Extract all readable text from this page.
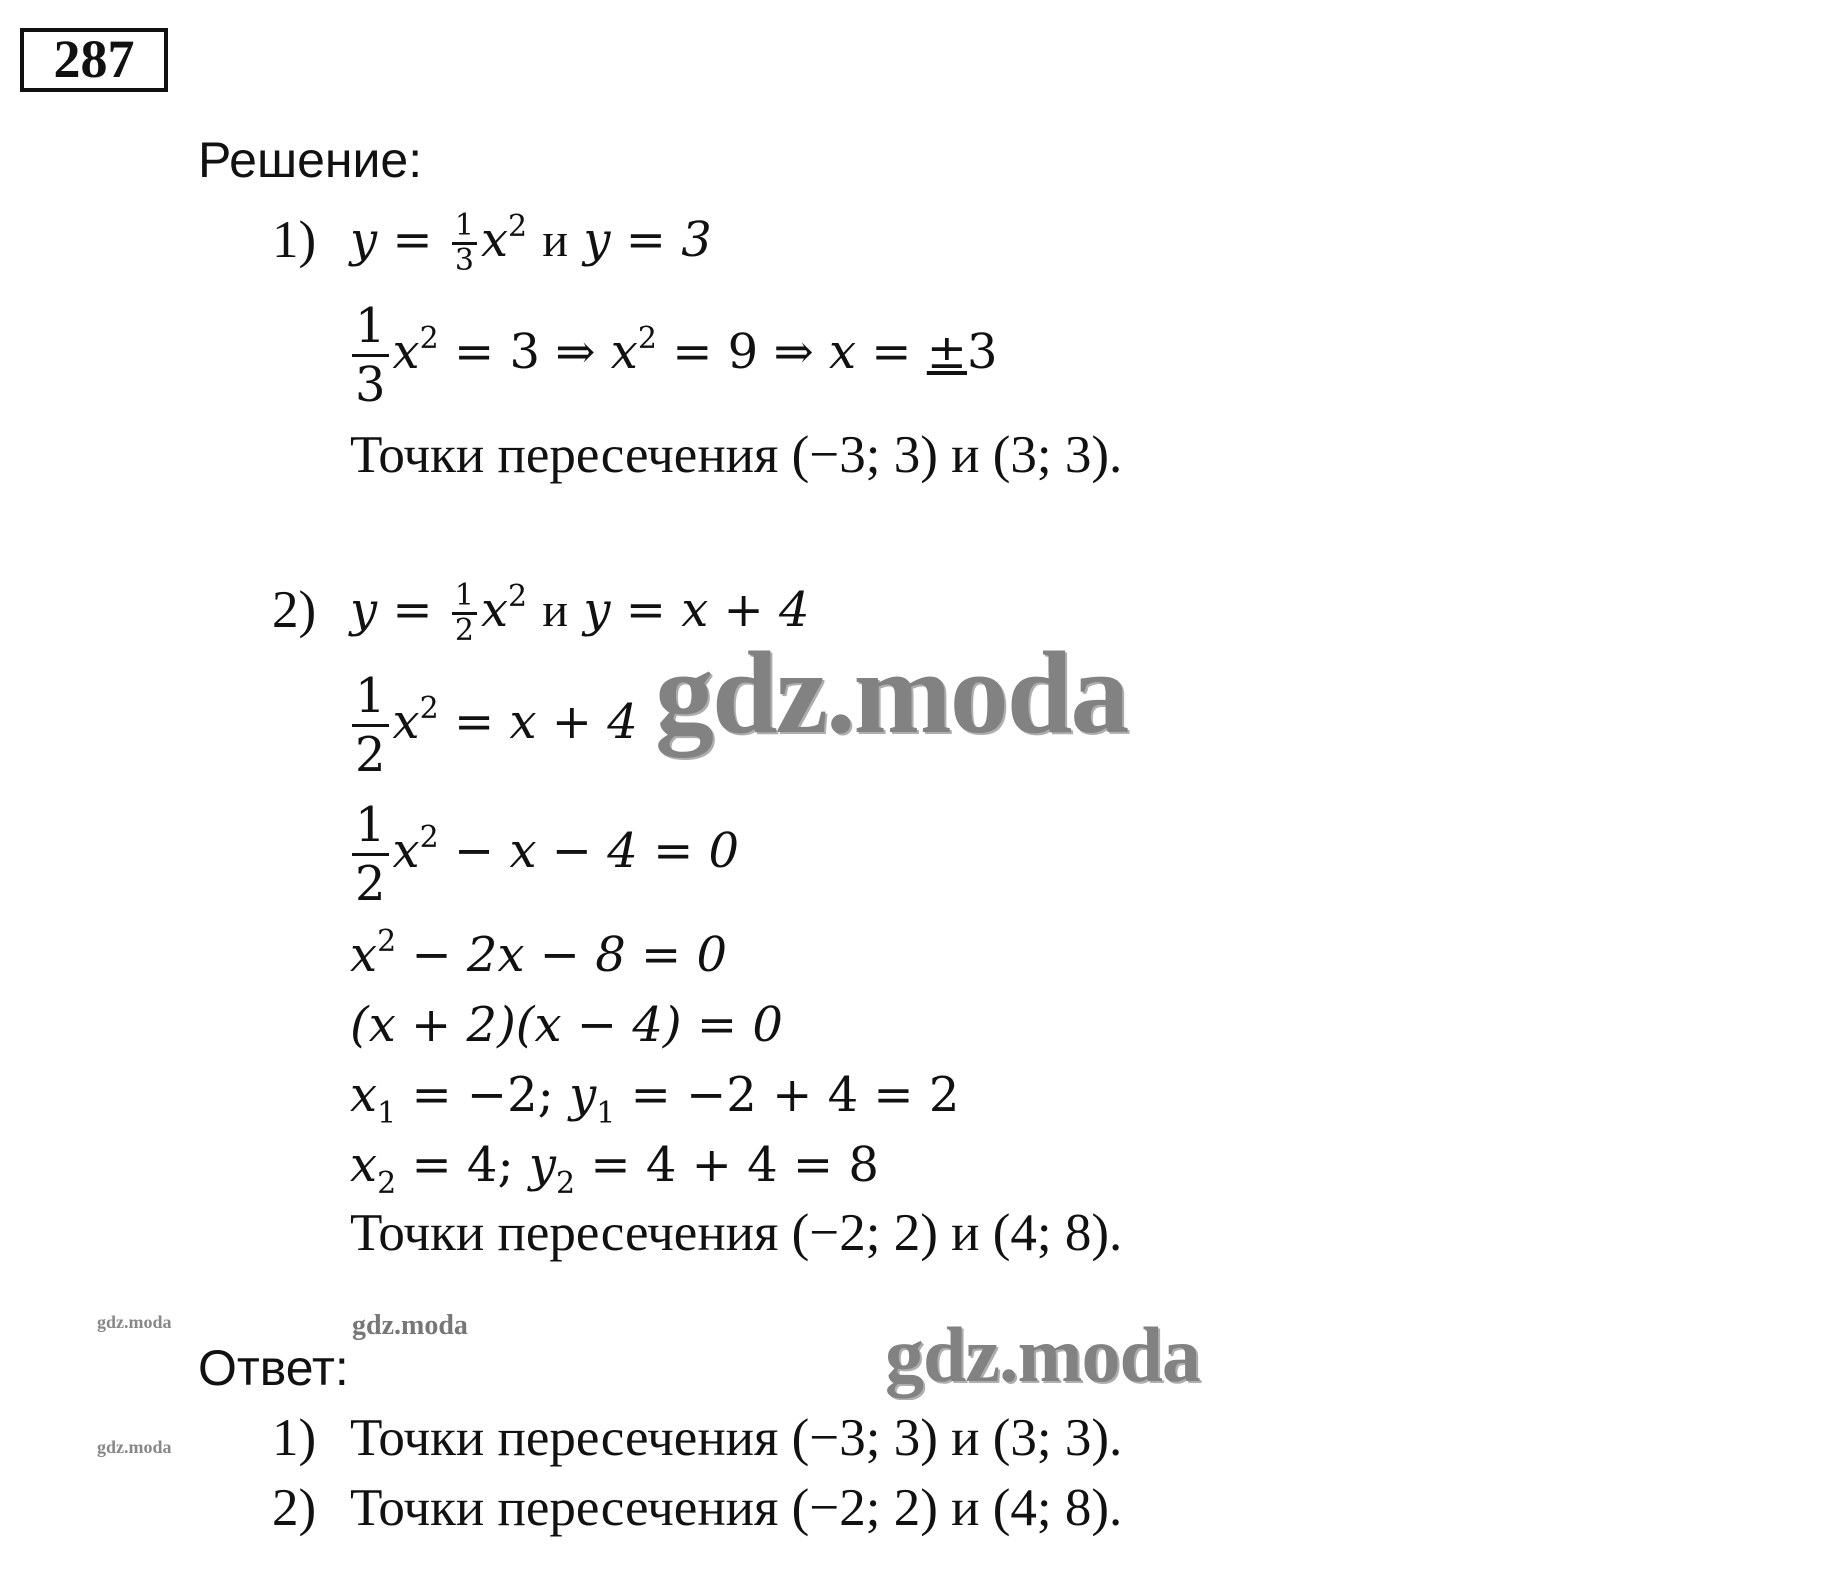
287
Решение:
1) $y = \frac{1}{3} x^2$ и y = 3
$\frac{1}{3} x^2 = 3$ ⇒ $x^2 = 9$ ⇒ x = ±3
Точки пересечения (−3; 3) и (3; 3).
2) $y = \frac{1}{2} x^2$ и y = x + 4
$\frac{1}{2} x^2 = x + 4$
$\frac{1}{2} x^2 - x - 4 = 0$
$x^2 - 2x - 8 = 0$
(x + 2)(x − 4) = 0
$x_1 = -2$; $y_1 = -2 + 4 = 2$
$x_2 = 4$; $y_2 = 4 + 4 = 8$
Точки пересечения (−2; 2) и (4; 8).
Ответ:
1) Точки пересечения (−3; 3) и (3; 3).
2) Точки пересечения (−2; 2) и (4; 8).
gdz.moda
gdz.moda
gdz.moda
gdz.moda
gdz.moda
